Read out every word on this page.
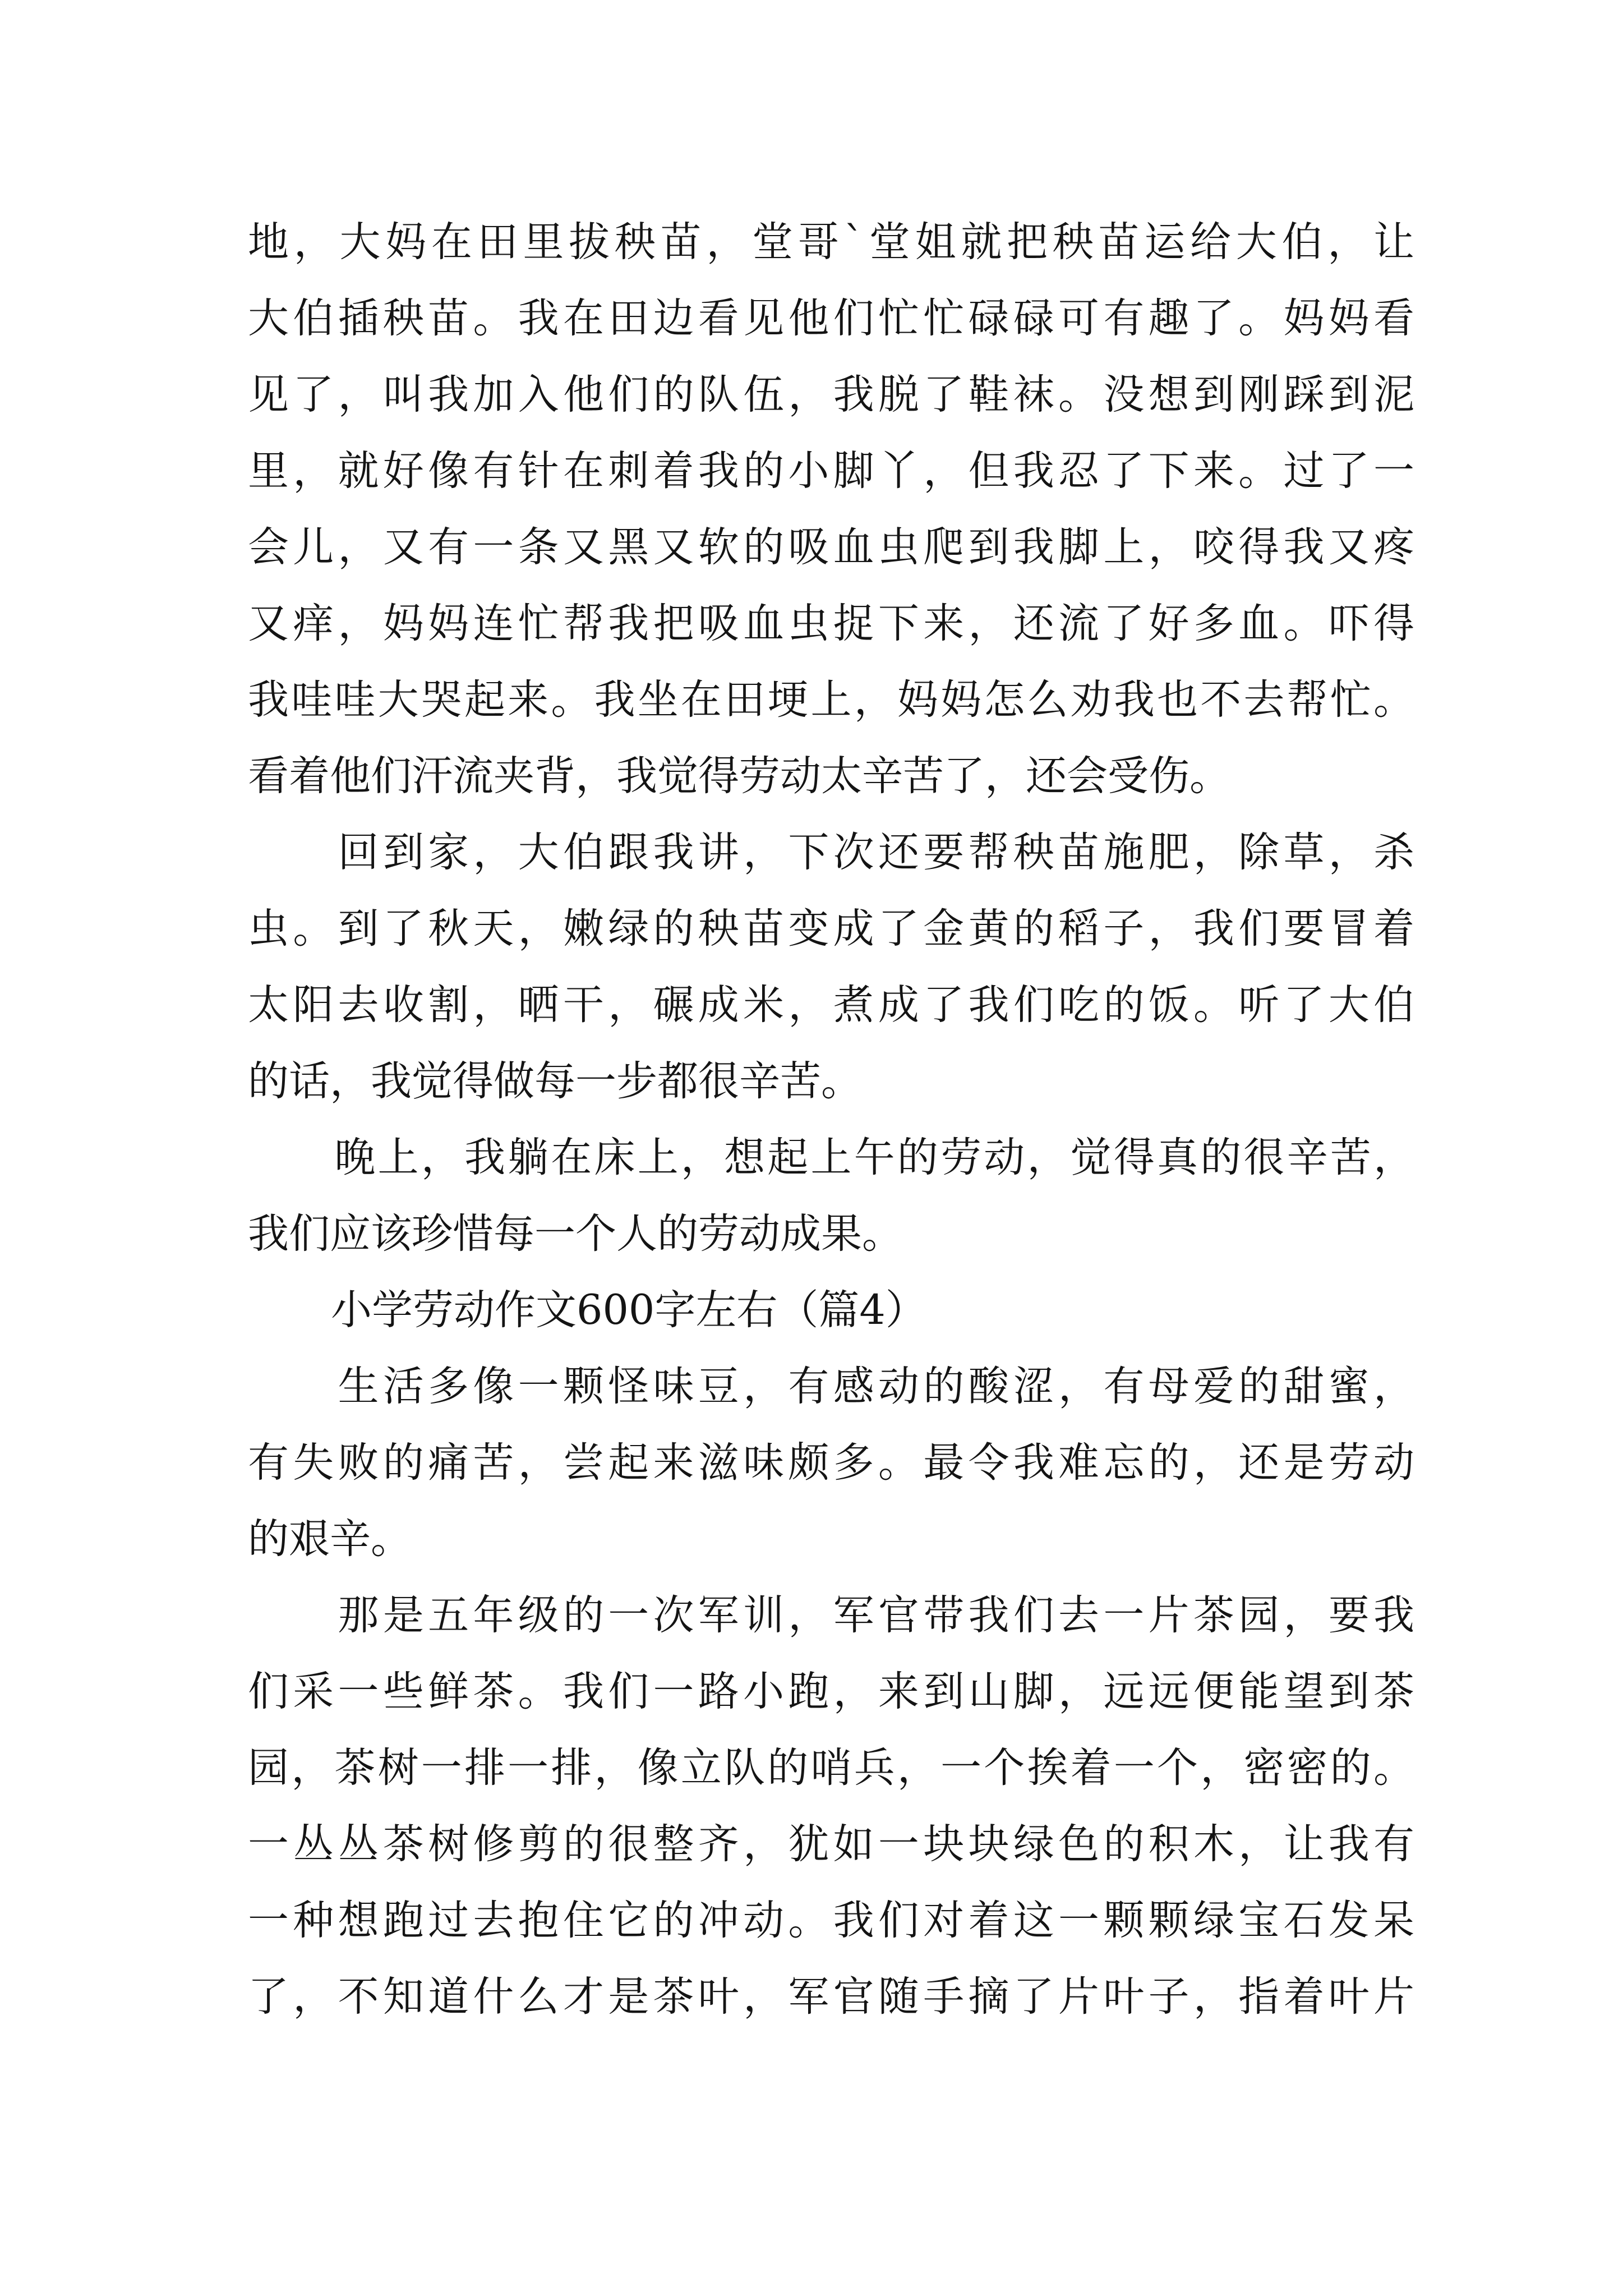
地，大妈在田里拔秧苗，堂哥`堂姐就把秧苗运给大伯，让
大伯插秧苗。我在田边看见他们忙忙碌碌可有趣了。妈妈看
见了，叫我加入他们的队伍，我脱了鞋袜。没想到刚踩到泥
里，就好像有针在刺着我的小脚丫，但我忍了下来。过了一
会儿，又有一条又黑又软的吸血虫爬到我脚上，咬得我又疼
又痒，妈妈连忙帮我把吸血虫捉下来，还流了好多血。吓得
我哇哇大哭起来。我坐在田埂上，妈妈怎么劝我也不去帮忙。
看着他们汗流夹背，我觉得劳动太辛苦了，还会受伤。
　　回到家，大伯跟我讲，下次还要帮秧苗施肥，除草，杀
虫。到了秋天，嫩绿的秧苗变成了金黄的稻子，我们要冒着
太阳去收割，晒干，碾成米，煮成了我们吃的饭。听了大伯
的话，我觉得做每一步都很辛苦。
　　晚上，我躺在床上，想起上午的劳动，觉得真的很辛苦，
我们应该珍惜每一个人的劳动成果。
小学劳动作文600字左右（篇4）
　　生活多像一颗怪味豆，有感动的酸涩，有母爱的甜蜜，
有失败的痛苦，尝起来滋味颇多。最令我难忘的，还是劳动
的艰辛。
　　那是五年级的一次军训，军官带我们去一片茶园，要我
们采一些鲜茶。我们一路小跑，来到山脚，远远便能望到茶
园，茶树一排一排，像立队的哨兵，一个挨着一个，密密的。
一丛丛茶树修剪的很整齐，犹如一块块绿色的积木，让我有
一种想跑过去抱住它的冲动。我们对着这一颗颗绿宝石发呆
了，不知道什么才是茶叶，军官随手摘了片叶子，指着叶片
